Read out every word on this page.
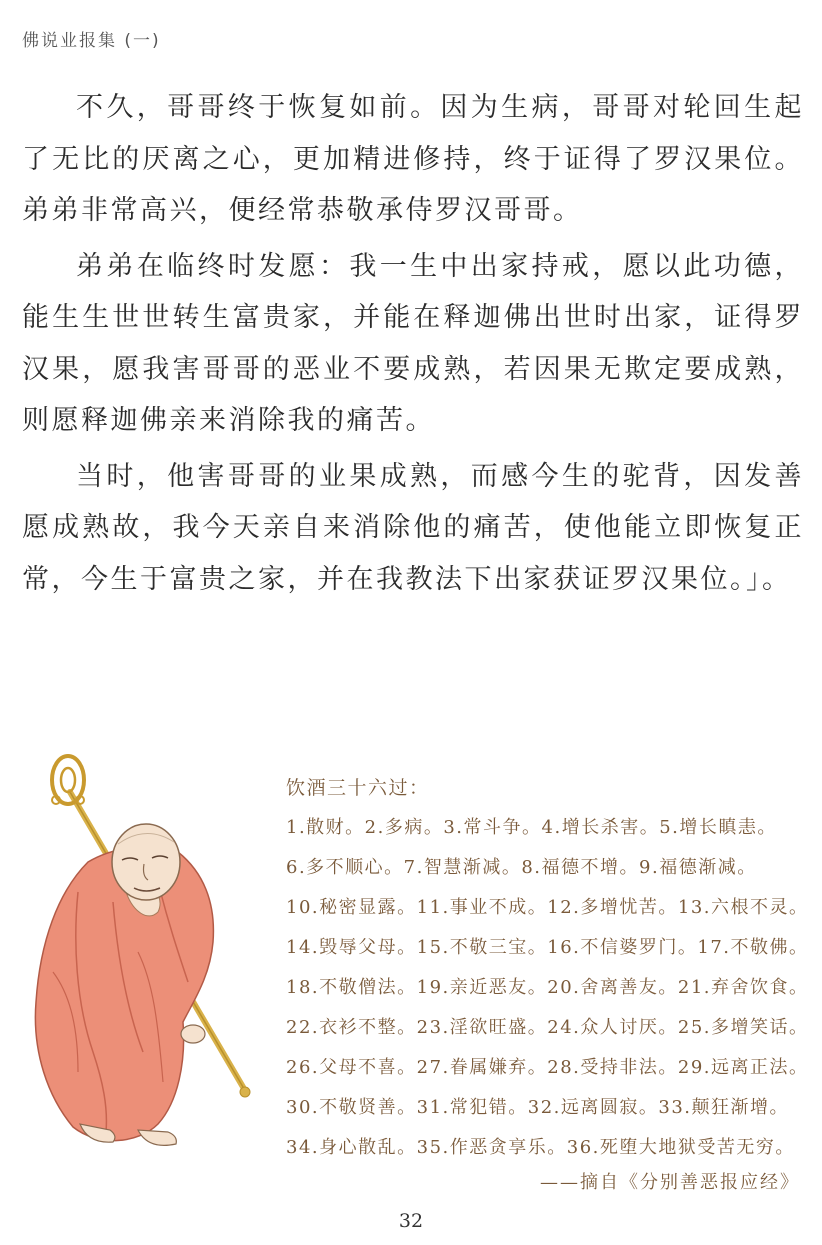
佛说业报集 (一)

不久，哥哥终于恢复如前。因为生病，哥哥对轮回生起了无比的厌离之心，更加精进修持，终于证得了罗汉果位。弟弟非常高兴，便经常恭敬承侍罗汉哥哥。

弟弟在临终时发愿：我一生中出家持戒，愿以此功德，能生生世世转生富贵家，并能在释迦佛出世时出家，证得罗汉果，愿我害哥哥的恶业不要成熟，若因果无欺定要成熟，则愿释迦佛亲来消除我的痛苦。

当时，他害哥哥的业果成熟，而感今生的驼背，因发善愿成熟故，我今天亲自来消除他的痛苦，使他能立即恢复正常，今生于富贵之家，并在我教法下出家获证罗汉果位。」。

饮酒三十六过：
1.散财。2.多病。3.常斗争。4.增长杀害。5.增长瞋恚。
6.多不顺心。7.智慧渐减。8.福德不增。9.福德渐减。
10.秘密显露。11.事业不成。12.多增忧苦。13.六根不灵。
14.毁辱父母。15.不敬三宝。16.不信婆罗门。17.不敬佛。
18.不敬僧法。19.亲近恶友。20.舍离善友。21.弃舍饮食。
22.衣衫不整。23.淫欲旺盛。24.众人讨厌。25.多增笑话。
26.父母不喜。27.眷属嫌弃。28.受持非法。29.远离正法。
30.不敬贤善。31.常犯错。32.远离圆寂。33.颠狂渐增。
34.身心散乱。35.作恶贪享乐。36.死堕大地狱受苦无穷。
——摘自《分别善恶报应经》
32
